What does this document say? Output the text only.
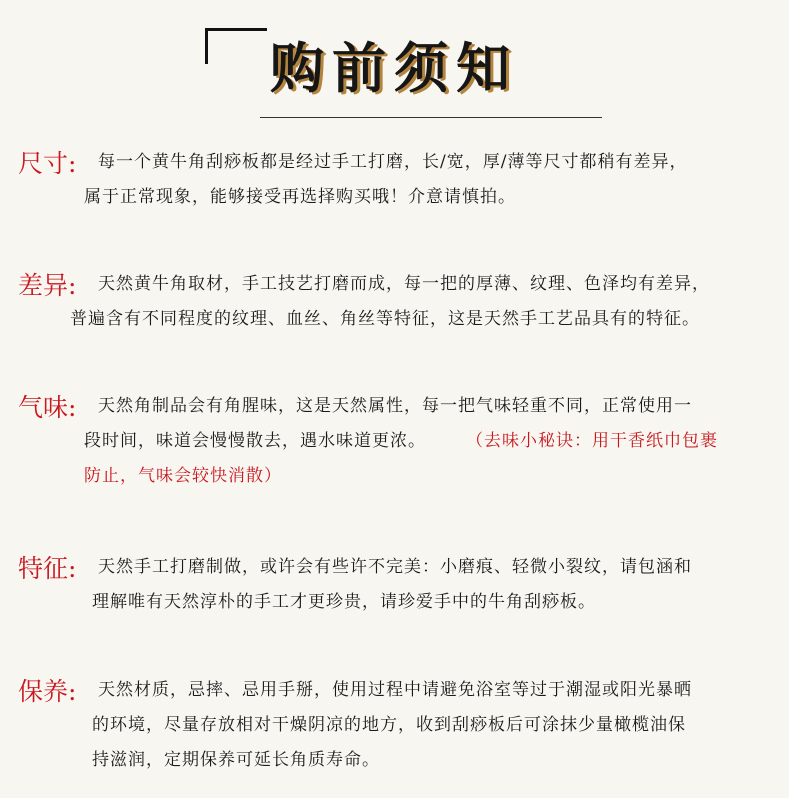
购前须知
尺寸: 每一个黄牛角刮痧板都是经过手工打磨，长/宽，厚/薄等尺寸都稍有差异，
属于正常现象，能够接受再选择购买哦！介意请慎拍。
差异: 天然黄牛角取材，手工技艺打磨而成，每一把的厚薄、纹理、色泽均有差异，
普遍含有不同程度的纹理、血丝、角丝等特征，这是天然手工艺品具有的特征。
气味: 天然角制品会有角腥味，这是天然属性，每一把气味轻重不同，正常使用一
段时间，味道会慢慢散去，遇水味道更浓。 （去味小秘诀：用干香纸巾包裹
防止，气味会较快消散）
特征: 天然手工打磨制做，或许会有些许不完美：小磨痕、轻微小裂纹，请包涵和
理解唯有天然淳朴的手工才更珍贵，请珍爱手中的牛角刮痧板。
保养: 天然材质，忌摔、忌用手掰，使用过程中请避免浴室等过于潮湿或阳光暴晒
的环境，尽量存放相对干燥阴凉的地方，收到刮痧板后可涂抹少量橄榄油保
持滋润，定期保养可延长角质寿命。
